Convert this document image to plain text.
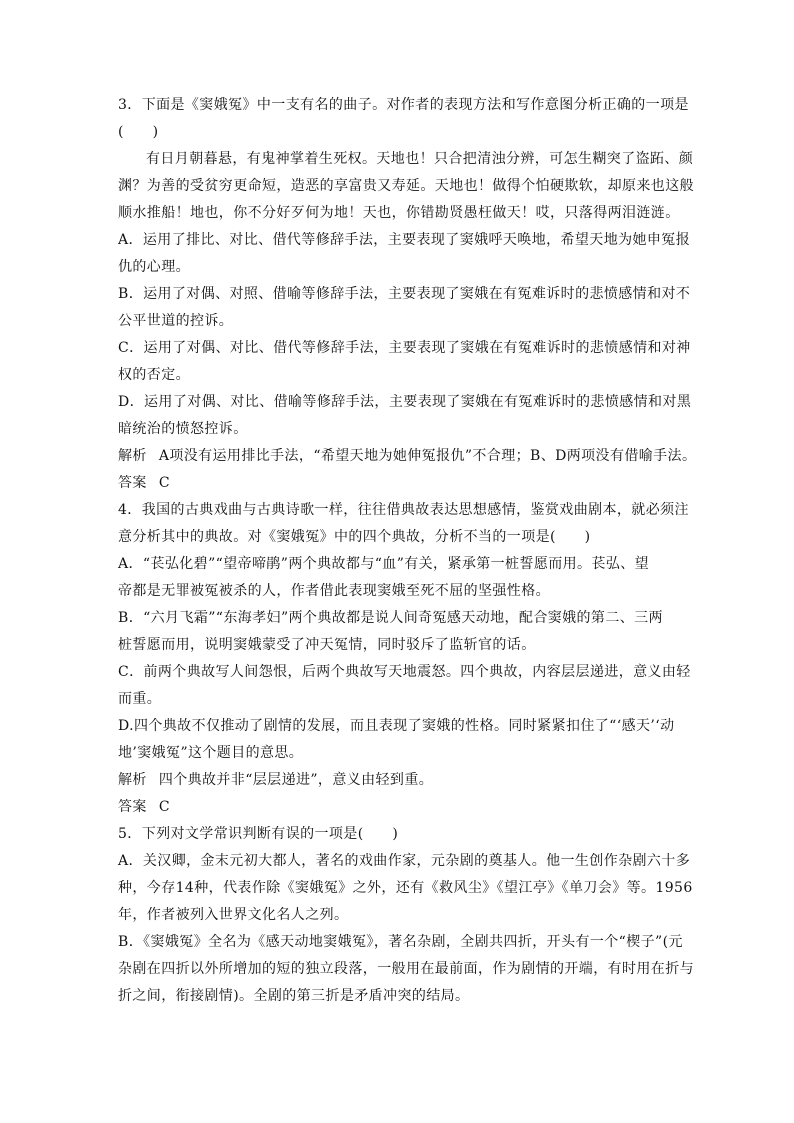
3．下面是《窦娥冤》中一支有名的曲子。对作者的表现方法和写作意图分析正确的一项是
(　　)
有日月朝暮悬，有鬼神掌着生死权。天地也！只合把清浊分辨，可怎生糊突了盗跖、颜
渊？为善的受贫穷更命短，造恶的享富贵又寿延。天地也！做得个怕硬欺软，却原来也这般
顺水推船！地也，你不分好歹何为地！天也，你错勘贤愚枉做天！哎，只落得两泪涟涟。
A．运用了排比、对比、借代等修辞手法，主要表现了窦娥呼天唤地，希望天地为她申冤报
仇的心理。
B．运用了对偶、对照、借喻等修辞手法，主要表现了窦娥在有冤难诉时的悲愤感情和对不
公平世道的控诉。
C．运用了对偶、对比、借代等修辞手法，主要表现了窦娥在有冤难诉时的悲愤感情和对神
权的否定。
D．运用了对偶、对比、借喻等修辞手法，主要表现了窦娥在有冤难诉时的悲愤感情和对黑
暗统治的愤怒控诉。
解析 A项没有运用排比手法，“希望天地为她伸冤报仇”不合理；B、D两项没有借喻手法。
答案 C
4．我国的古典戏曲与古典诗歌一样，往往借典故表达思想感情，鉴赏戏曲剧本，就必须注
意分析其中的典故。对《窦娥冤》中的四个典故，分析不当的一项是(　　)
A．“苌弘化碧”“望帝啼鹃”两个典故都与“血”有关，紧承第一桩誓愿而用。苌弘、望
帝都是无罪被冤被杀的人，作者借此表现窦娥至死不屈的坚强性格。
B．“六月飞霜”“东海孝妇”两个典故都是说人间奇冤感天动地，配合窦娥的第二、三两
桩誓愿而用，说明窦娥蒙受了冲天冤情，同时驳斥了监斩官的话。
C．前两个典故写人间怨恨，后两个典故写天地震怒。四个典故，内容层层递进，意义由轻
而重。
D.四个典故不仅推动了剧情的发展，而且表现了窦娥的性格。同时紧紧扣住了“‘感天’‘动
地’窦娥冤”这个题目的意思。
解析 四个典故并非“层层递进”，意义由轻到重。
答案 C
5．下列对文学常识判断有误的一项是(　　)
A．关汉卿，金末元初大都人，著名的戏曲作家，元杂剧的奠基人。他一生创作杂剧六十多
种，今存14种，代表作除《窦娥冤》之外，还有《救风尘》《望江亭》《单刀会》等。1956
年，作者被列入世界文化名人之列。
B．《窦娥冤》全名为《感天动地窦娥冤》，著名杂剧，全剧共四折，开头有一个“楔子”(元
杂剧在四折以外所增加的短的独立段落，一般用在最前面，作为剧情的开端，有时用在折与
折之间，衔接剧情)。全剧的第三折是矛盾冲突的结局。
